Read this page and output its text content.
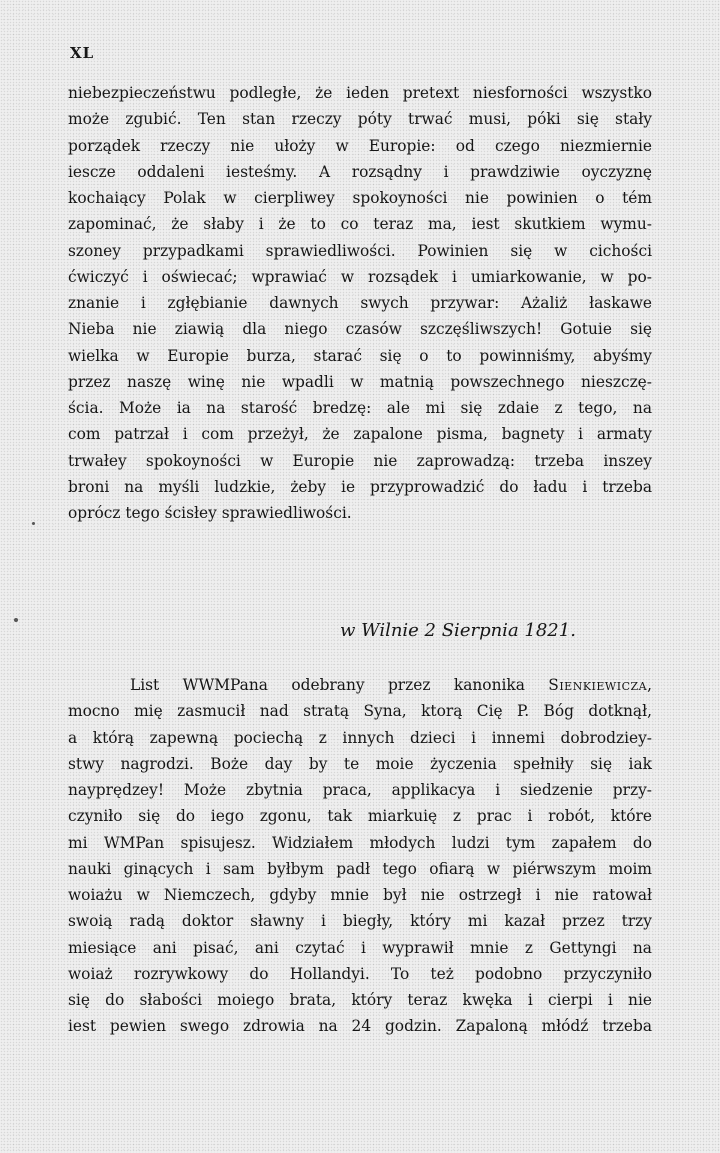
XL
niebezpieczeństwu podległe, że ieden pretext niesforności wszystko
może zgubić. Ten stan rzeczy póty trwać musi, póki się stały
porządek rzeczy nie ułoży w Europie: od czego niezmiernie
iescze oddaleni iesteśmy. A rozsądny i prawdziwie oyczyznę
kochaiący Polak w cierpliwey spokoyności nie powinien o tém
zapominać, że słaby i że to co teraz ma, iest skutkiem wymu-
szoney przypadkami sprawiedliwości. Powinien się w cichości
ćwiczyć i oświecać; wprawiać w rozsądek i umiarkowanie, w po-
znanie i zgłębianie dawnych swych przywar: Ażaliż łaskawe
Nieba nie ziawią dla niego czasów szczęśliwszych! Gotuie się
wielka w Europie burza, starać się o to powinniśmy, abyśmy
przez naszę winę nie wpadli w matnią powszechnego nieszczę-
ścia. Może ia na starość bredzę: ale mi się zdaie z tego, na
com patrzał i com przeżył, że zapalone pisma, bagnety i armaty
trwałey spokoyności w Europie nie zaprowadzą: trzeba inszey
broni na myśli ludzkie, żeby ie przyprowadzić do ładu i trzeba
oprócz tego ścisłey sprawiedliwości.
w Wilnie 2 Sierpnia 1821.
List WWMPana odebrany przez kanonika Sienkiewicza,
mocno mię zasmucił nad stratą Syna, ktorą Cię P. Bóg dotknął,
a którą zapewną pociechą z innych dzieci i innemi dobrodziey-
stwy nagrodzi. Boże day by te moie życzenia spełniły się iak
nayprędzey! Może zbytnia praca, applikacya i siedzenie przy-
czyniło się do iego zgonu, tak miarkuię z prac i robót, które
mi WMPan spisujesz. Widziałem młodych ludzi tym zapałem do
nauki ginących i sam byłbym padł tego ofiarą w piérwszym moim
woiażu w Niemczech, gdyby mnie był nie ostrzegł i nie ratował
swoią radą doktor sławny i biegły, który mi kazał przez trzy
miesiące ani pisać, ani czytać i wyprawił mnie z Gettyngi na
woiaż rozrywkowy do Hollandyi. To też podobno przyczyniło
się do słabości moiego brata, który teraz kwęka i cierpi i nie
iest pewien swego zdrowia na 24 godzin. Zapaloną młódź trzeba
